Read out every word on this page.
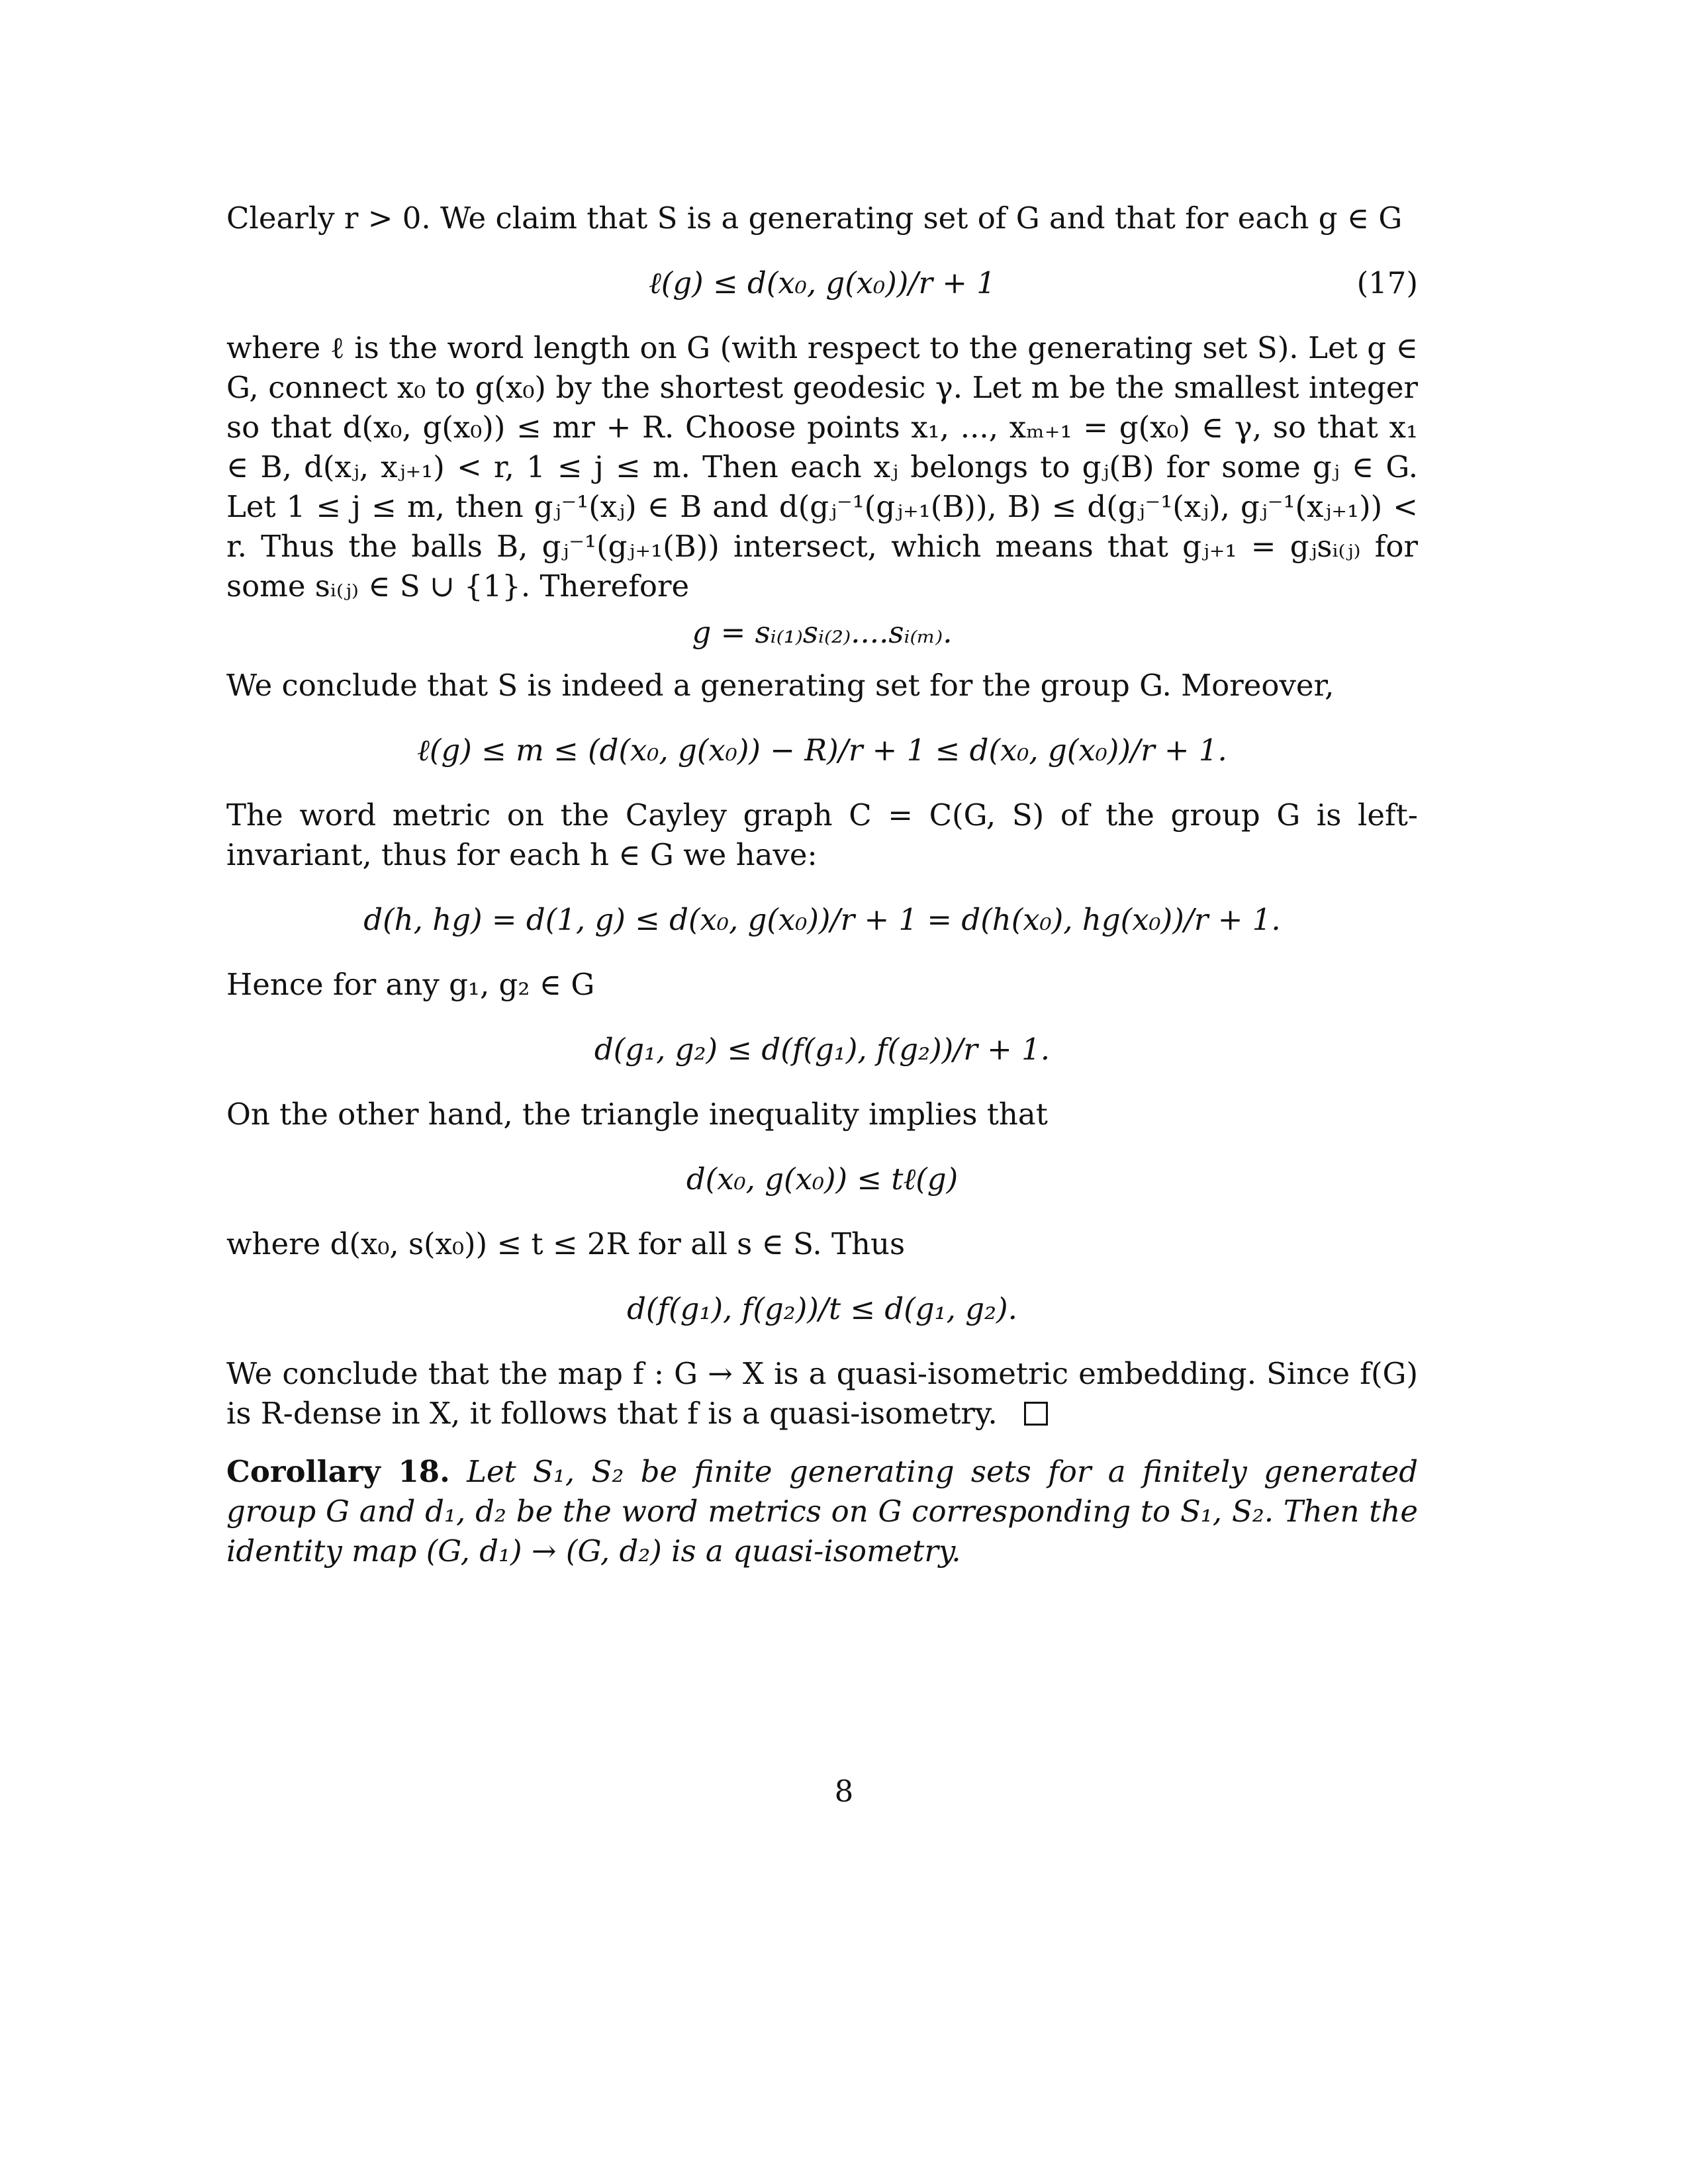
Clearly r > 0. We claim that S is a generating set of G and that for each g ∈ G

ℓ(g) ≤ d(x₀, g(x₀))/r + 1	(17)

where ℓ is the word length on G (with respect to the generating set S). Let g ∈ G, connect x₀ to g(x₀) by the shortest geodesic γ. Let m be the smallest integer so that d(x₀, g(x₀)) ≤ mr + R. Choose points x₁, ..., xₘ₊₁ = g(x₀) ∈ γ, so that x₁ ∈ B, d(xⱼ, xⱼ₊₁) < r, 1 ≤ j ≤ m. Then each xⱼ belongs to gⱼ(B) for some gⱼ ∈ G. Let 1 ≤ j ≤ m, then gⱼ⁻¹(xⱼ) ∈ B and d(gⱼ⁻¹(gⱼ₊₁(B)), B) ≤ d(gⱼ⁻¹(xⱼ), gⱼ⁻¹(xⱼ₊₁)) < r. Thus the balls B, gⱼ⁻¹(gⱼ₊₁(B)) intersect, which means that gⱼ₊₁ = gⱼsᵢ₍ⱼ₎ for some sᵢ₍ⱼ₎ ∈ S ∪ {1}. Therefore

g = sᵢ₍₁₎sᵢ₍₂₎....sᵢ₍ₘ₎.

We conclude that S is indeed a generating set for the group G. Moreover,

ℓ(g) ≤ m ≤ (d(x₀, g(x₀)) − R)/r + 1 ≤ d(x₀, g(x₀))/r + 1.

The word metric on the Cayley graph C = C(G, S) of the group G is left-invariant, thus for each h ∈ G we have:

d(h, hg) = d(1, g) ≤ d(x₀, g(x₀))/r + 1 = d(h(x₀), hg(x₀))/r + 1.

Hence for any g₁, g₂ ∈ G

d(g₁, g₂) ≤ d(f(g₁), f(g₂))/r + 1.

On the other hand, the triangle inequality implies that

d(x₀, g(x₀)) ≤ tℓ(g)

where d(x₀, s(x₀)) ≤ t ≤ 2R for all s ∈ S. Thus

d(f(g₁), f(g₂))/t ≤ d(g₁, g₂).

We conclude that the map f : G → X is a quasi-isometric embedding. Since f(G) is R-dense in X, it follows that f is a quasi-isometry.

Corollary 18. Let S₁, S₂ be finite generating sets for a finitely generated group G and d₁, d₂ be the word metrics on G corresponding to S₁, S₂. Then the identity map (G, d₁) → (G, d₂) is a quasi-isometry.

8
